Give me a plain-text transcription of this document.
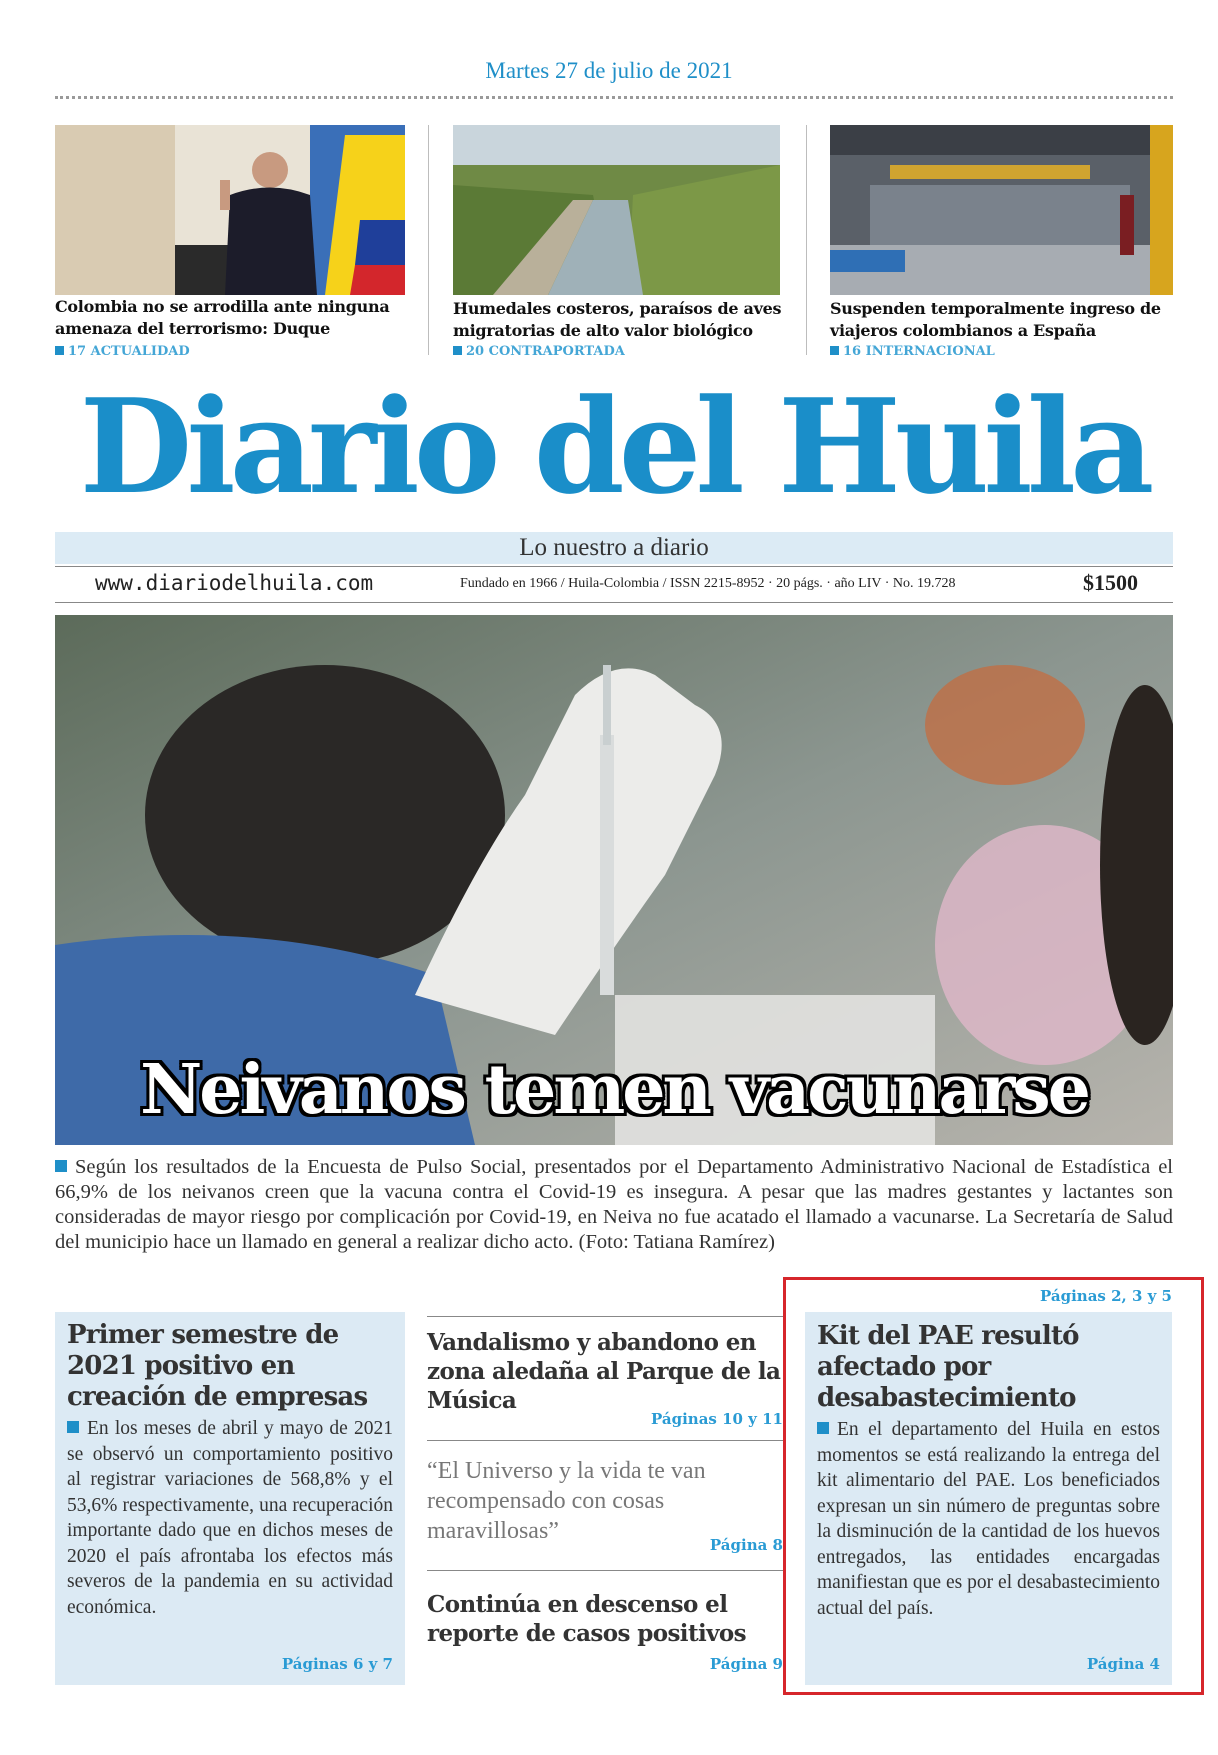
Martes 27 de julio de 2021
Colombia no se arrodilla ante ninguna amenaza del terrorismo: Duque
17 ACTUALIDAD
Humedales costeros, paraísos de aves migratorias de alto valor biológico
20 CONTRAPORTADA
Suspenden temporalmente ingreso de viajeros colombianos a España
16 INTERNACIONAL
Diario del Huila
Lo nuestro a diario
www.diariodelhuila.com	Fundado en 1966 / Huila-Colombia / ISSN 2215-8952 · 20 págs. · año LIV · No. 19.728	$1500
Neivanos temen vacunarse
Según los resultados de la Encuesta de Pulso Social, presentados por el Departamento Administrativo Nacional de Estadística el 66,9% de los neivanos creen que la vacuna contra el Covid-19 es insegura. A pesar que las madres gestantes y lactantes son consideradas de mayor riesgo por complicación por Covid-19, en Neiva no fue acatado el llamado a vacunarse. La Secretaría de Salud del municipio hace un llamado en general a realizar dicho acto. (Foto: Tatiana Ramírez)
Primer semestre de 2021 positivo en creación de empresas
En los meses de abril y mayo de 2021 se observó un comportamiento positivo al registrar variaciones de 568,8% y el 53,6% respectivamente, una recuperación importante dado que en dichos meses de 2020 el país afrontaba los efectos más severos de la pandemia en su actividad económica.
Páginas 6 y 7
Vandalismo y abandono en zona aledaña al Parque de la Música
Páginas 10 y 11
“El Universo y la vida te van recompensado con cosas maravillosas”
Página 8
Continúa en descenso el reporte de casos positivos
Página 9
Páginas 2, 3 y 5
Kit del PAE resultó afectado por desabastecimiento
En el departamento del Huila en estos momentos se está realizando la entrega del kit alimentario del PAE. Los beneficiados expresan un sin número de preguntas sobre la disminución de la cantidad de los huevos entregados, las entidades encargadas manifiestan que es por el desabastecimiento actual del país.
Página 4
